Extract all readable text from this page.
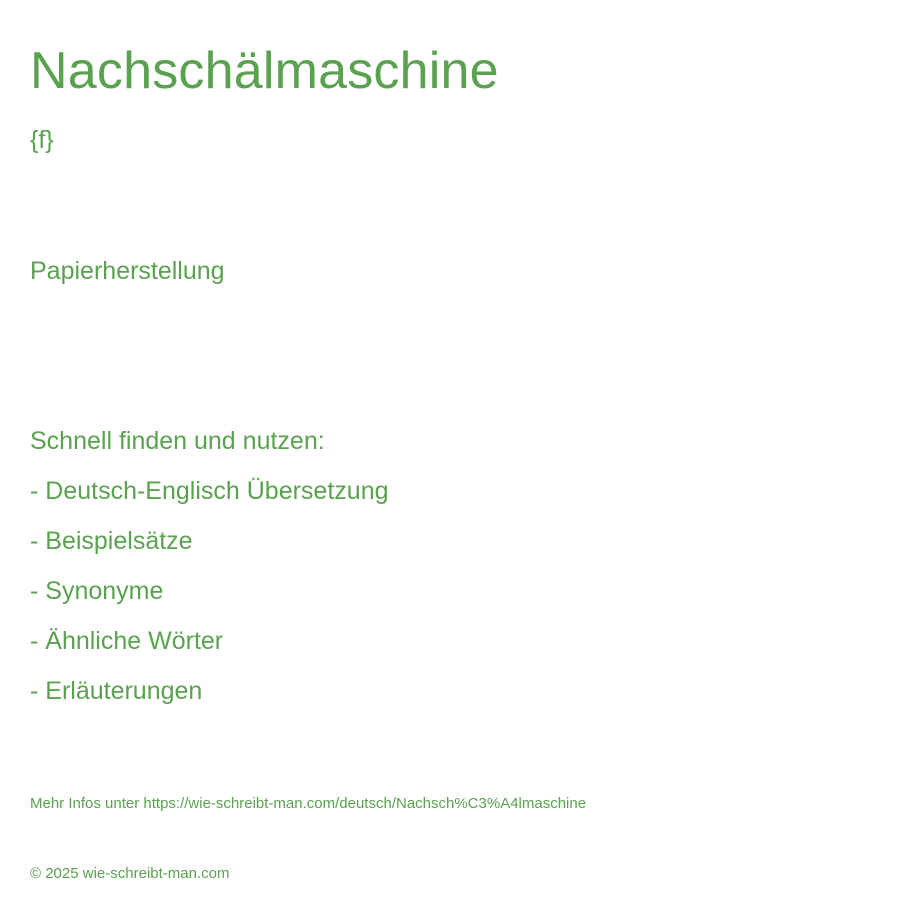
Nachschälmaschine
{f}
Papierherstellung
Schnell finden und nutzen:
- Deutsch-Englisch Übersetzung
- Beispielsätze
- Synonyme
- Ähnliche Wörter
- Erläuterungen
Mehr Infos unter https://wie-schreibt-man.com/deutsch/Nachsch%C3%A4lmaschine
© 2025 wie-schreibt-man.com
